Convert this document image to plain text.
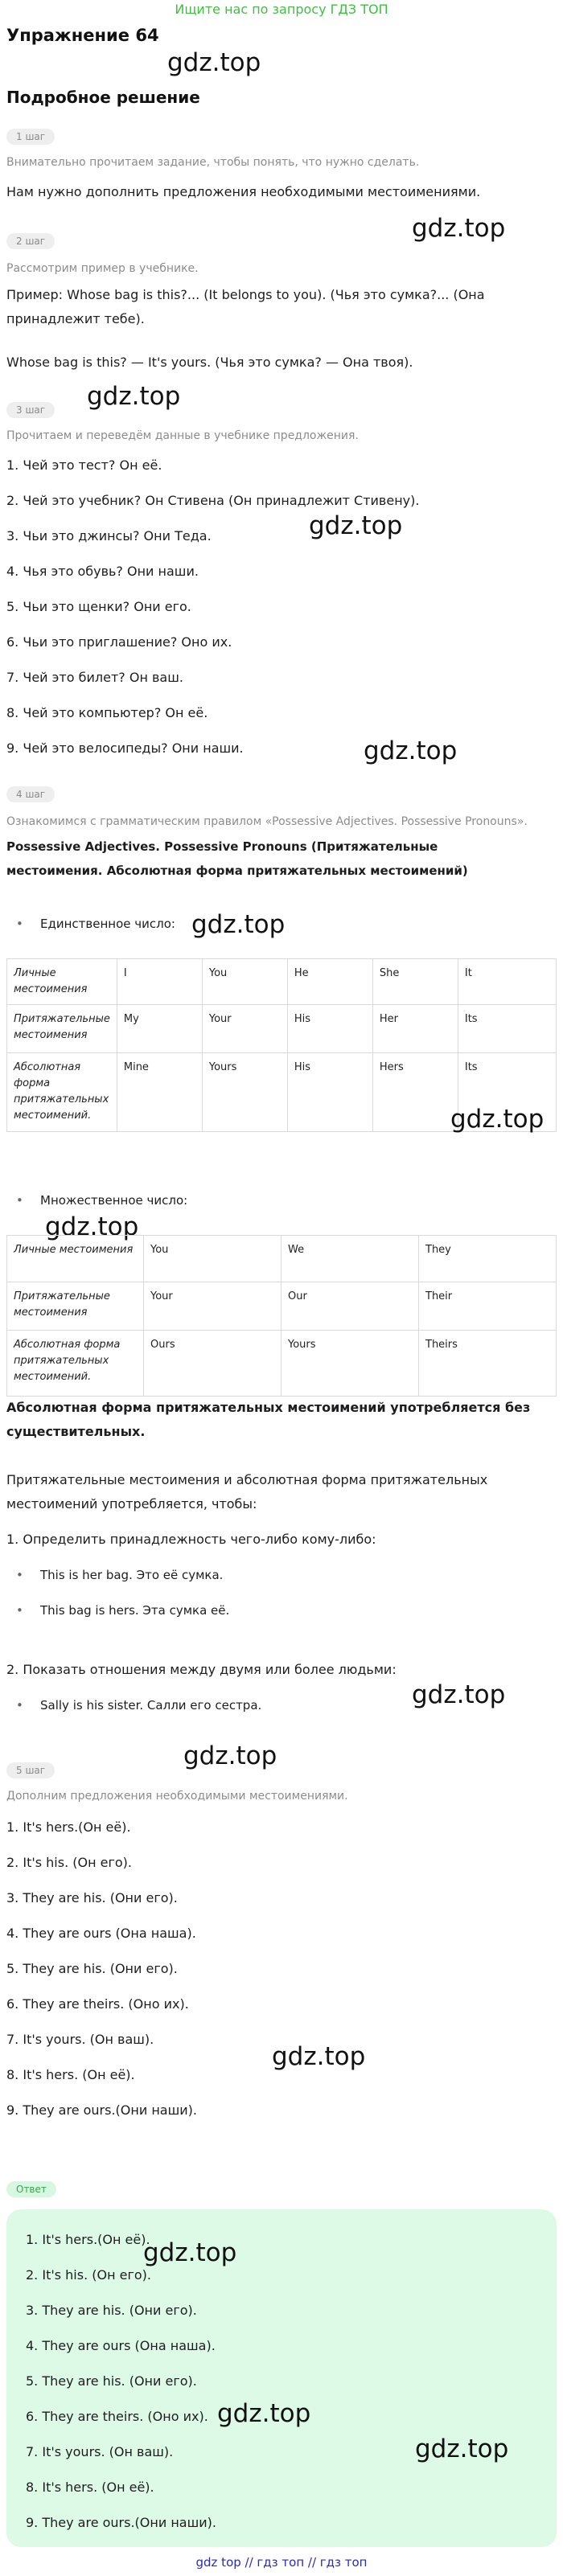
Ищите нас по запросу ГДЗ ТОП
Упражнение 64
gdz.top
Подробное решение
1 шаг
Внимательно прочитаем задание, чтобы понять, что нужно сделать.
Нам нужно дополнить предложения необходимыми местоимениями.
gdz.top
2 шаг
Рассмотрим пример в учебнике.
Пример: Whose bag is this?... (It belongs to you). (Чья это сумка?... (Она принадлежит тебе).
Whose bag is this? — It's yours. (Чья это сумка? — Она твоя).
gdz.top
3 шаг
Прочитаем и переведём данные в учебнике предложения.
1. Чей это тест? Он её.
2. Чей это учебник? Он Стивена (Он принадлежит Стивену).
3. Чьи это джинсы? Они Теда.	gdz.top
4. Чья это обувь? Они наши.
5. Чьи это щенки? Они его.
6. Чьи это приглашение? Оно их.
7. Чей это билет? Он ваш.
8. Чей это компьютер? Он её.
9. Чей это велосипеды? Они наши.	gdz.top
4 шаг
Ознакомимся с грамматическим правилом «Possessive Adjectives. Possessive Pronouns».
Possessive Adjectives. Possessive Pronouns (Притяжательные местоимения. Абсолютная форма притяжательных местоимений)
• Единственное число: gdz.top
Личные местоимения	I	You	He	She	It
Притяжательные местоимения	My	Your	His	Her	Its
Абсолютная форма притяжательных местоимений.	Mine	Yours	His	Hers	Its
gdz.top
• Множественное число:
gdz.top
Личные местоимения	You	We	They
Притяжательные местоимения	Your	Our	Their
Абсолютная форма притяжательных местоимений.	Ours	Yours	Theirs
Абсолютная форма притяжательных местоимений употребляется без существительных.
Притяжательные местоимения и абсолютная форма притяжательных местоимений употребляется, чтобы:
1. Определить принадлежность чего-либо кому-либо:
• This is her bag. Это её сумка.
• This bag is hers. Эта сумка её.
2. Показать отношения между двумя или более людьми:
gdz.top
• Sally is his sister. Салли его сестра.
gdz.top
5 шаг
Дополним предложения необходимыми местоимениями.
1. It's hers.(Он её).
2. It's his. (Он его).
3. They are his. (Они его).
4. They are ours (Она наша).
5. They are his. (Они его).
6. They are theirs. (Оно их).
7. It's yours. (Он ваш).
gdz.top
8. It's hers. (Он её).
9. They are ours.(Они наши).
Ответ
1. It's hers.(Он её).
gdz.top
2. It's his. (Он его).
3. They are his. (Они его).
4. They are ours (Она наша).
5. They are his. (Они его).
gdz.top
6. They are theirs. (Оно их).
7. It's yours. (Он ваш).	gdz.top
8. It's hers. (Он её).
9. They are ours.(Они наши).
gdz top // гдз топ // гдз топ
